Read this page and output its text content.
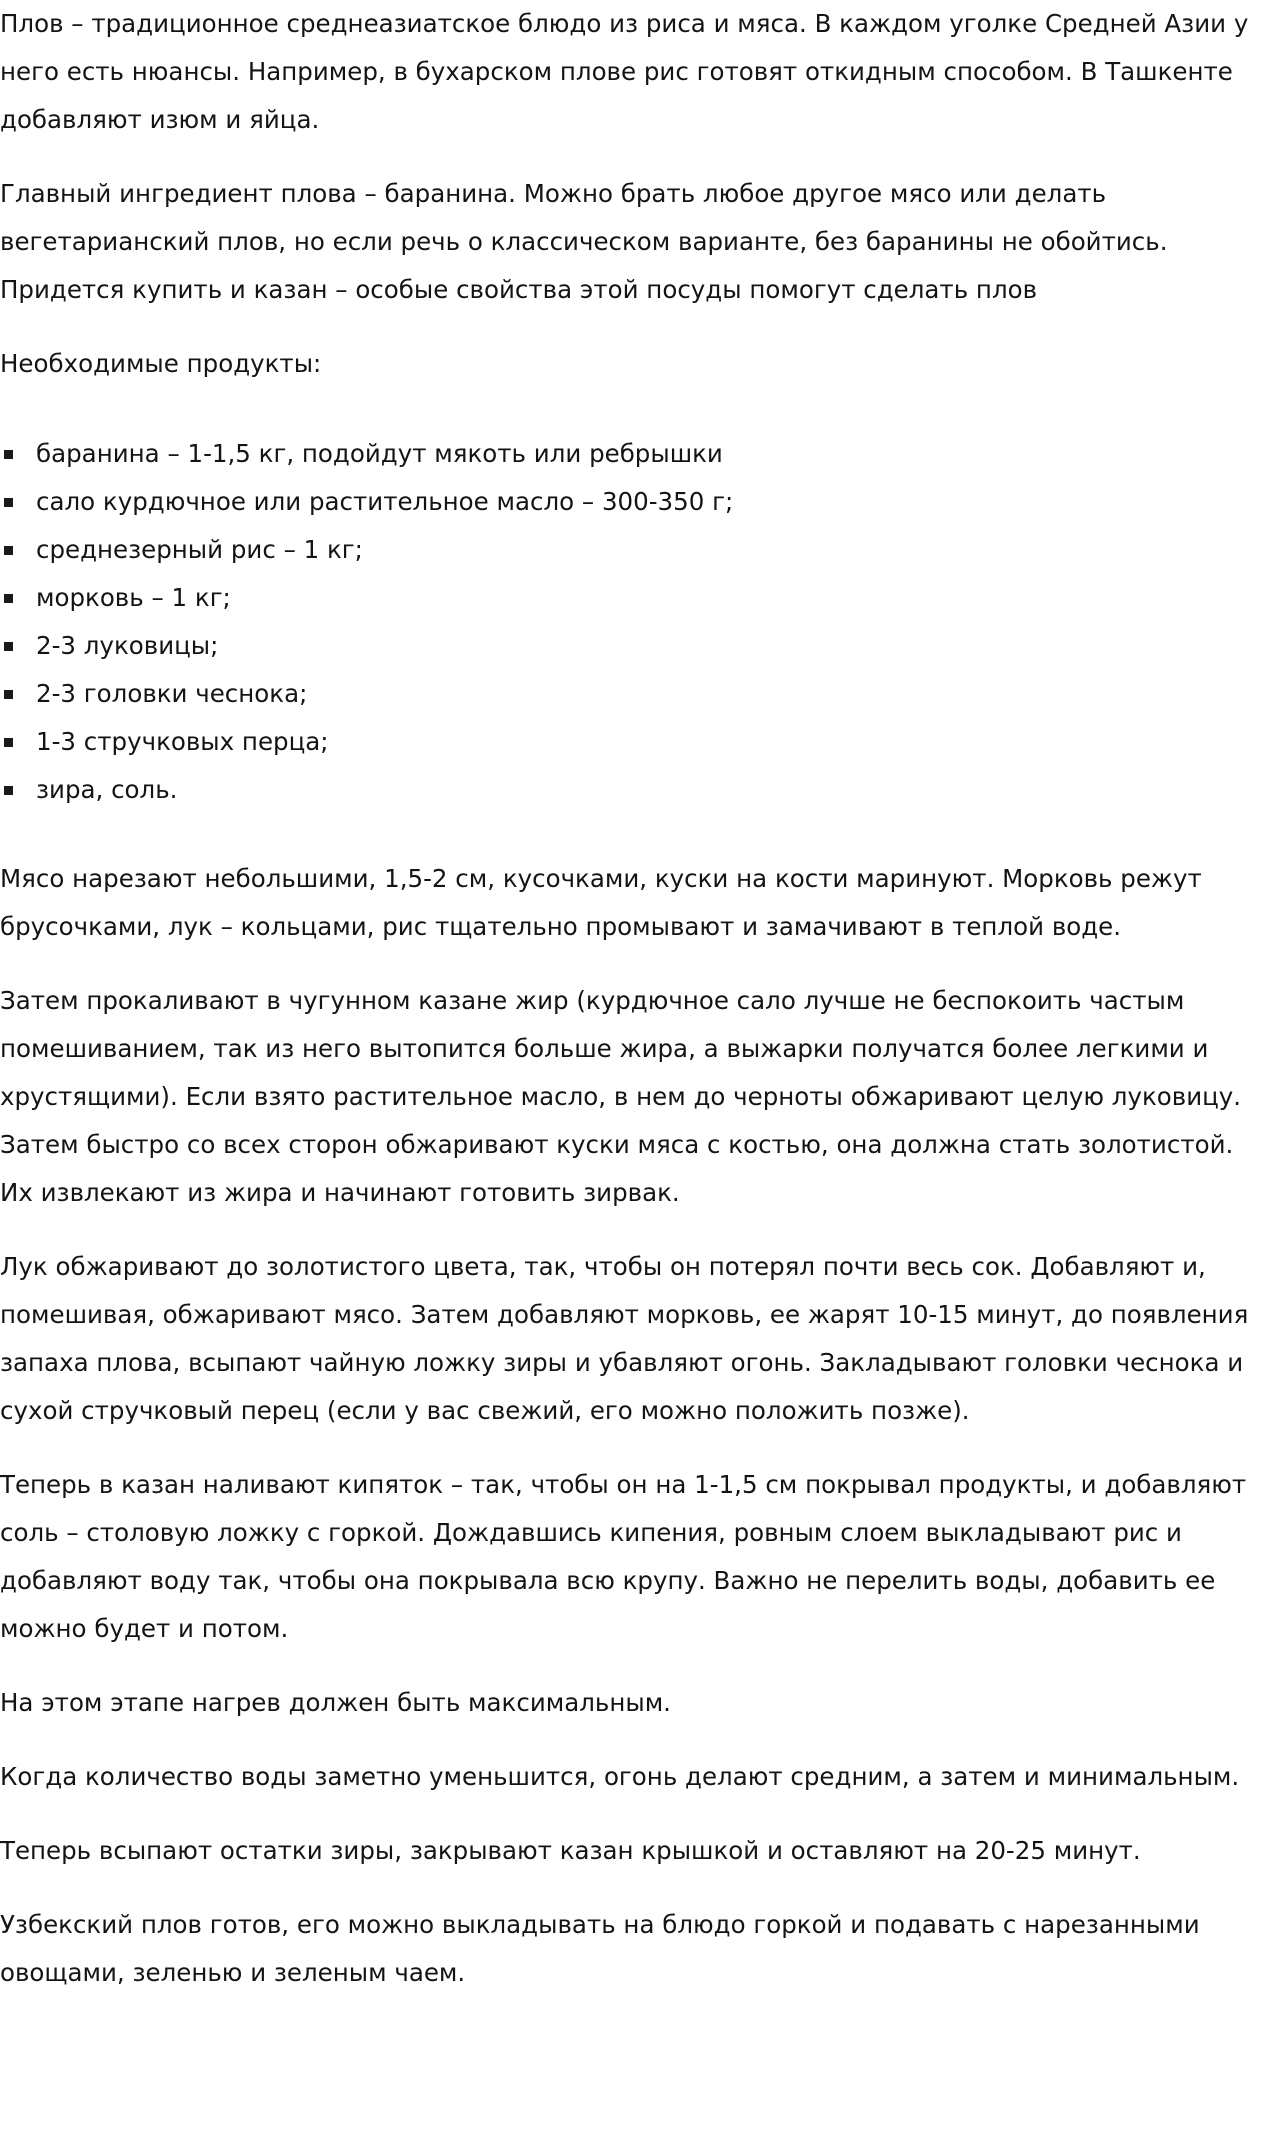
Плов – традиционное среднеазиатское блюдо из риса и мяса. В каждом уголке Средней Азии у него есть нюансы. Например, в бухарском плове рис готовят откидным способом. В Ташкенте добавляют изюм и яйца.

Главный ингредиент плова – баранина. Можно брать любое другое мясо или делать вегетарианский плов, но если речь о классическом варианте, без баранины не обойтись. Придется купить и казан – особые свойства этой посуды помогут сделать плов

Необходимые продукты:

баранина – 1-1,5 кг, подойдут мякоть или ребрышки
сало курдючное или растительное масло – 300-350 г;
среднезерный рис – 1 кг;
морковь – 1 кг;
2-3 луковицы;
2-3 головки чеснока;
1-3 стручковых перца;
зира, соль.

Мясо нарезают небольшими, 1,5-2 см, кусочками, куски на кости маринуют. Морковь режут брусочками, лук – кольцами, рис тщательно промывают и замачивают в теплой воде.

Затем прокаливают в чугунном казане жир (курдючное сало лучше не беспокоить частым помешиванием, так из него вытопится больше жира, а выжарки получатся более легкими и хрустящими). Если взято растительное масло, в нем до черноты обжаривают целую луковицу. Затем быстро со всех сторон обжаривают куски мяса с костью, она должна стать золотистой. Их извлекают из жира и начинают готовить зирвак.

Лук обжаривают до золотистого цвета, так, чтобы он потерял почти весь сок. Добавляют и, помешивая, обжаривают мясо. Затем добавляют морковь, ее жарят 10-15 минут, до появления запаха плова, всыпают чайную ложку зиры и убавляют огонь. Закладывают головки чеснока и сухой стручковый перец (если у вас свежий, его можно положить позже).

Теперь в казан наливают кипяток – так, чтобы он на 1-1,5 см покрывал продукты, и добавляют соль – столовую ложку с горкой. Дождавшись кипения, ровным слоем выкладывают рис и добавляют воду так, чтобы она покрывала всю крупу. Важно не перелить воды, добавить ее можно будет и потом.

На этом этапе нагрев должен быть максимальным.

Когда количество воды заметно уменьшится, огонь делают средним, а затем и минимальным.

Теперь всыпают остатки зиры, закрывают казан крышкой и оставляют на 20-25 минут.

Узбекский плов готов, его можно выкладывать на блюдо горкой и подавать с нарезанными овощами, зеленью и зеленым чаем.
